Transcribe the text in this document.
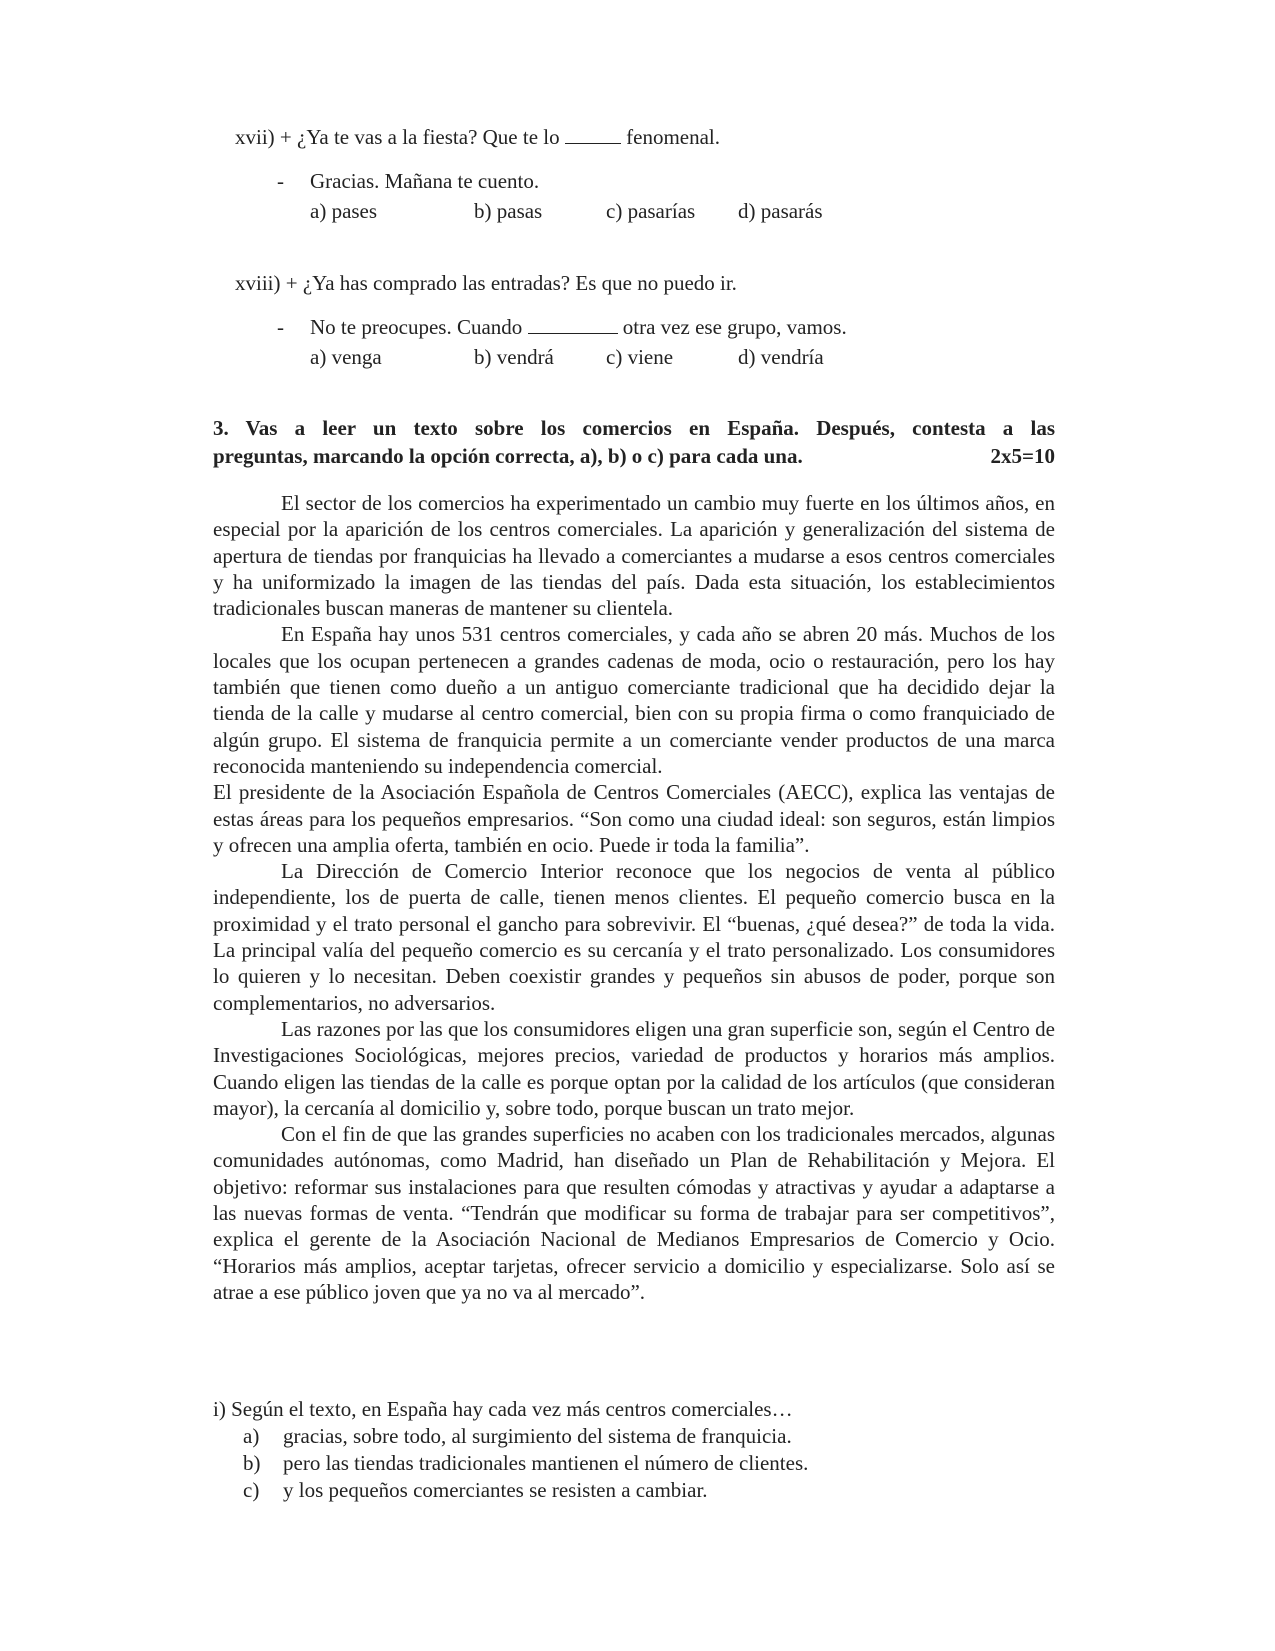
xvii) + ¿Ya te vas a la fiesta? Que te lo	fenomenal.
- Gracias. Mañana te cuento.
a) pases	b) pasas	c) pasarías d) pasarás
xviii) + ¿Ya has comprado las entradas? Es que no puedo ir.
- No te preocupes. Cuando	otra vez ese grupo, vamos.
a) venga	b) vendrá c) viene	d) vendría
3. Vas a leer un texto sobre los comercios en España. Después, contesta a las
preguntas, marcando la opción correcta, a), b) o c) para cada una.	2x5=10

El sector de los comercios ha experimentado un cambio muy fuerte en los últimos años, en especial por la aparición de los centros comerciales. La aparición y generalización del sistema de apertura de tiendas por franquicias ha llevado a comerciantes a mudarse a esos centros comerciales y ha uniformizado la imagen de las tiendas del país. Dada esta situación, los establecimientos tradicionales buscan maneras de mantener su clientela.

En España hay unos 531 centros comerciales, y cada año se abren 20 más. Muchos de los locales que los ocupan pertenecen a grandes cadenas de moda, ocio o restauración, pero los hay también que tienen como dueño a un antiguo comerciante tradicional que ha decidido dejar la tienda de la calle y mudarse al centro comercial, bien con su propia firma o como franquiciado de algún grupo. El sistema de franquicia permite a un comerciante vender productos de una marca reconocida manteniendo su independencia comercial.

El presidente de la Asociación Española de Centros Comerciales (AECC), explica las ventajas de estas áreas para los pequeños empresarios. “Son como una ciudad ideal: son seguros, están limpios y ofrecen una amplia oferta, también en ocio. Puede ir toda la familia”.

La Dirección de Comercio Interior reconoce que los negocios de venta al público independiente, los de puerta de calle, tienen menos clientes. El pequeño comercio busca en la proximidad y el trato personal el gancho para sobrevivir. El “buenas, ¿qué desea?” de toda la vida. La principal valía del pequeño comercio es su cercanía y el trato personalizado. Los consumidores lo quieren y lo necesitan. Deben coexistir grandes y pequeños sin abusos de poder, porque son complementarios, no adversarios.

Las razones por las que los consumidores eligen una gran superficie son, según el Centro de Investigaciones Sociológicas, mejores precios, variedad de productos y horarios más amplios. Cuando eligen las tiendas de la calle es porque optan por la calidad de los artículos (que consideran mayor), la cercanía al domicilio y, sobre todo, porque buscan un trato mejor.

Con el fin de que las grandes superficies no acaben con los tradicionales mercados, algunas comunidades autónomas, como Madrid, han diseñado un Plan de Rehabilitación y Mejora. El objetivo: reformar sus instalaciones para que resulten cómodas y atractivas y ayudar a adaptarse a las nuevas formas de venta. “Tendrán que modificar su forma de trabajar para ser competitivos”, explica el gerente de la Asociación Nacional de Medianos Empresarios de Comercio y Ocio. “Horarios más amplios, aceptar tarjetas, ofrecer servicio a domicilio y especializarse. Solo así se atrae a ese público joven que ya no va al mercado”.

i) Según el texto, en España hay cada vez más centros comerciales…
a) gracias, sobre todo, al surgimiento del sistema de franquicia.
b) pero las tiendas tradicionales mantienen el número de clientes.
c) y los pequeños comerciantes se resisten a cambiar.
